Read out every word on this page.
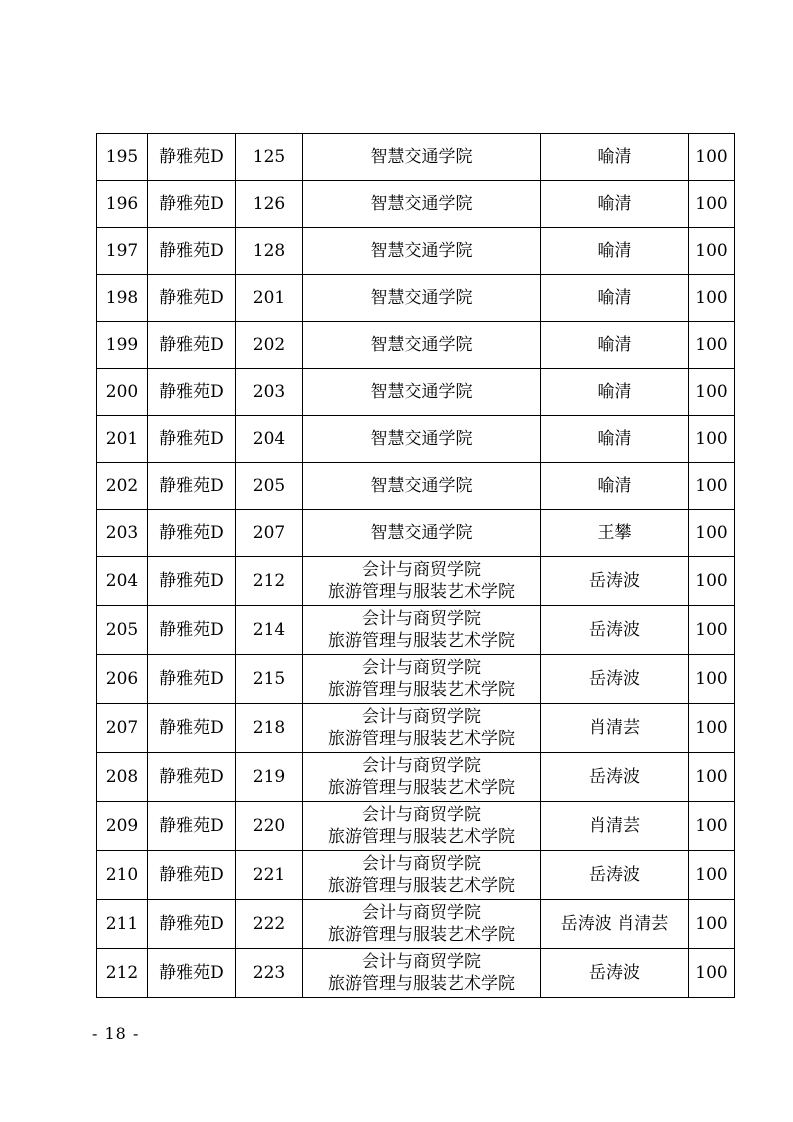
195	静雅苑D	125	智慧交通学院	喻清	100
196	静雅苑D	126	智慧交通学院	喻清	100
197	静雅苑D	128	智慧交通学院	喻清	100
198	静雅苑D	201	智慧交通学院	喻清	100
199	静雅苑D	202	智慧交通学院	喻清	100
200	静雅苑D	203	智慧交通学院	喻清	100
201	静雅苑D	204	智慧交通学院	喻清	100
202	静雅苑D	205	智慧交通学院	喻清	100
203	静雅苑D	207	智慧交通学院	王攀	100
204	静雅苑D	212	会计与商贸学院
旅游管理与服装艺术学院	岳涛波	100
205	静雅苑D	214	会计与商贸学院
旅游管理与服装艺术学院	岳涛波	100
206	静雅苑D	215	会计与商贸学院
旅游管理与服装艺术学院	岳涛波	100
207	静雅苑D	218	会计与商贸学院
旅游管理与服装艺术学院	肖清芸	100
208	静雅苑D	219	会计与商贸学院
旅游管理与服装艺术学院	岳涛波	100
209	静雅苑D	220	会计与商贸学院
旅游管理与服装艺术学院	肖清芸	100
210	静雅苑D	221	会计与商贸学院
旅游管理与服装艺术学院	岳涛波	100
211	静雅苑D	222	会计与商贸学院
旅游管理与服装艺术学院	岳涛波 肖清芸	100
212	静雅苑D	223	会计与商贸学院
旅游管理与服装艺术学院	岳涛波	100
- 18 -
